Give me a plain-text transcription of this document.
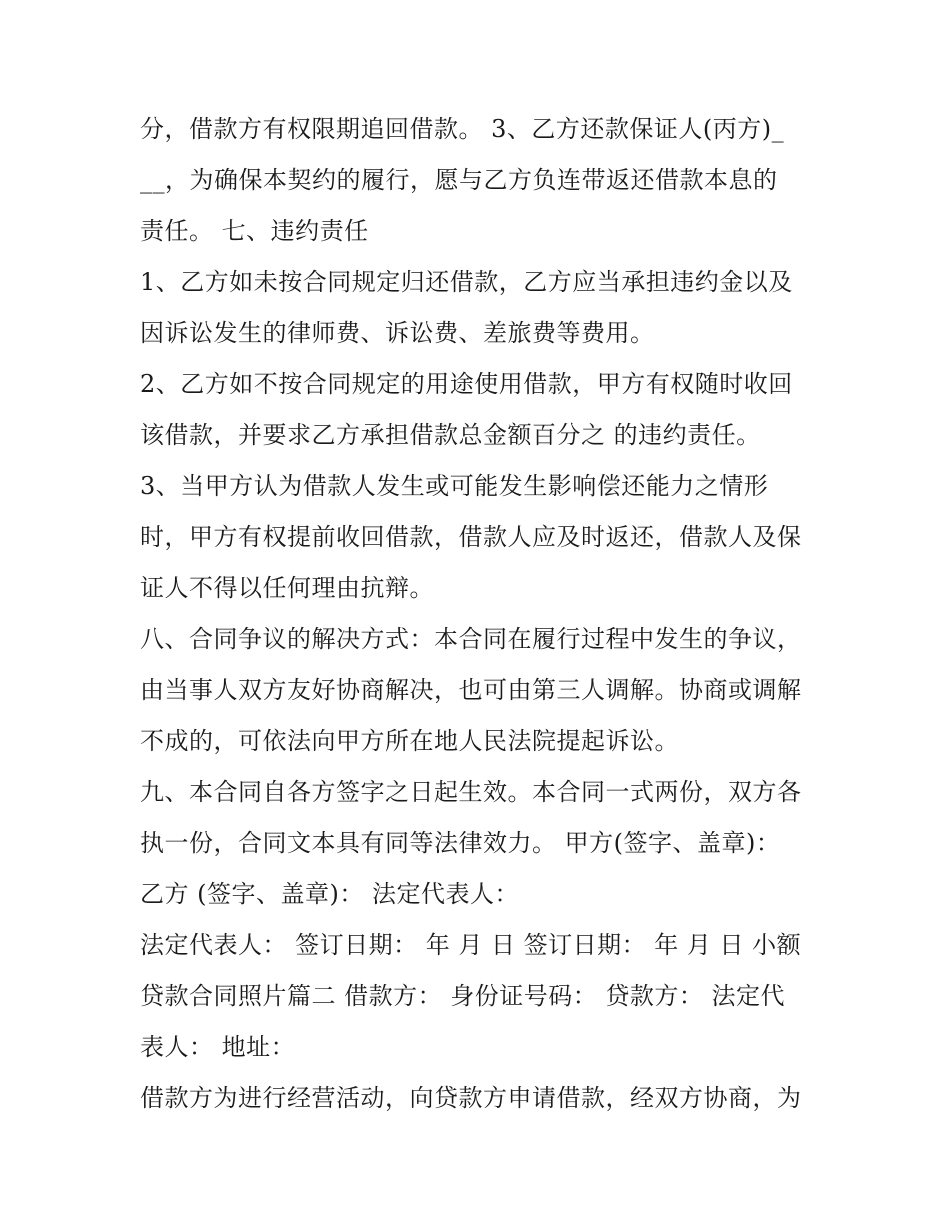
分，借款方有权限期追回借款。 3、乙方还款保证人(丙方)_
__，为确保本契约的履行，愿与乙方负连带返还借款本息的
责任。 七、违约责任
1、乙方如未按合同规定归还借款，乙方应当承担违约金以及
因诉讼发生的律师费、诉讼费、差旅费等费用。
2、乙方如不按合同规定的用途使用借款，甲方有权随时收回
该借款，并要求乙方承担借款总金额百分之 的违约责任。
3、当甲方认为借款人发生或可能发生影响偿还能力之情形
时，甲方有权提前收回借款，借款人应及时返还，借款人及保
证人不得以任何理由抗辩。
八、合同争议的解决方式：本合同在履行过程中发生的争议，
由当事人双方友好协商解决，也可由第三人调解。协商或调解
不成的，可依法向甲方所在地人民法院提起诉讼。
九、本合同自各方签字之日起生效。本合同一式两份，双方各
执一份，合同文本具有同等法律效力。 甲方(签字、盖章)：
乙方 (签字、盖章)： 法定代表人：
法定代表人： 签订日期： 年 月 日 签订日期： 年 月 日 小额
贷款合同照片篇二 借款方： 身份证号码： 贷款方： 法定代
表人： 地址：
借款方为进行经营活动，向贷款方申请借款，经双方协商，为
